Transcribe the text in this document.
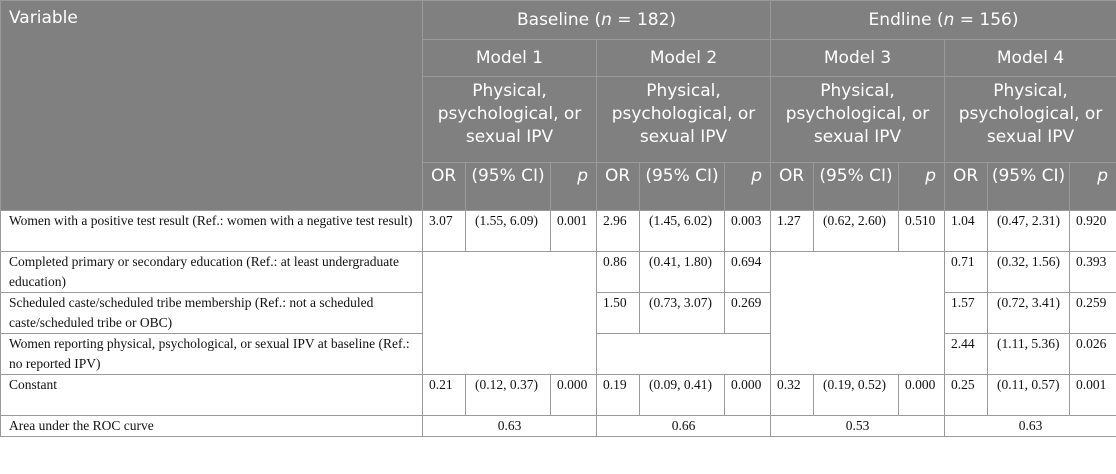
Variable	Baseline (n = 182)						Endline (n = 156)					
	Model 1			Model 2			Model 3			Model 4		
	Physical, psychological, or sexual IPV			Physical, psychological, or sexual IPV			Physical, psychological, or sexual IPV			Physical, psychological, or sexual IPV		
	OR	(95% CI)	p	OR	(95% CI)	p	OR	(95% CI)	p	OR	(95% CI)	p
Women with a positive test result (Ref.: women with a negative test result)	3.07	(1.55, 6.09)	0.001	2.96	(1.45, 6.02)	0.003	1.27	(0.62, 2.60)	0.510	1.04	(0.47, 2.31)	0.920
Completed primary or secondary education (Ref.: at least undergraduate education)				0.86	(0.41, 1.80)	0.694				0.71	(0.32, 1.56)	0.393
Scheduled caste/scheduled tribe membership (Ref.: not a scheduled caste/scheduled tribe or OBC)				1.50	(0.73, 3.07)	0.269				1.57	(0.72, 3.41)	0.259
Women reporting physical, psychological, or sexual IPV at baseline (Ref.: no reported IPV)										2.44	(1.11, 5.36)	0.026
Constant	0.21	(0.12, 0.37)	0.000	0.19	(0.09, 0.41)	0.000	0.32	(0.19, 0.52)	0.000	0.25	(0.11, 0.57)	0.001
Area under the ROC curve	0.63			0.66			0.53			0.63		
